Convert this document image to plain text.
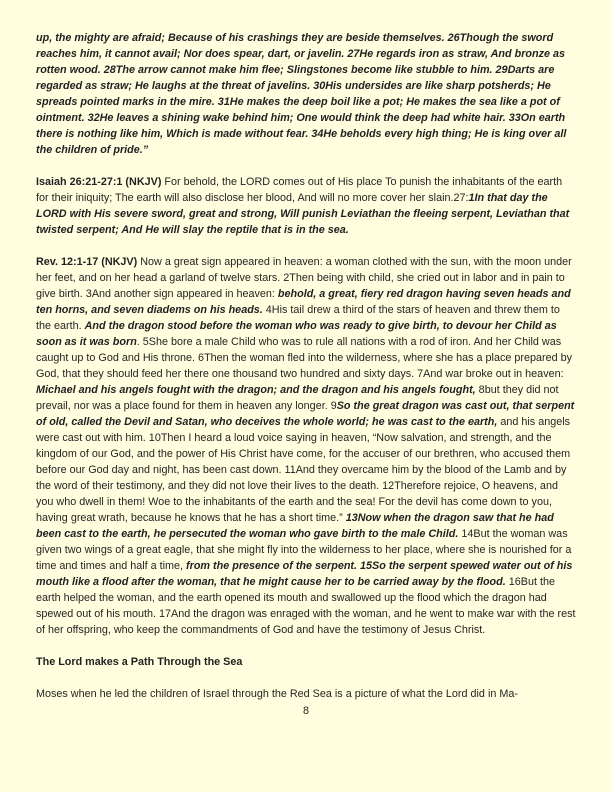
up, the mighty are afraid; Because of his crashings they are beside themselves. 26Though the sword reaches him, it cannot avail; Nor does spear, dart, or javelin. 27He regards iron as straw, And bronze as rotten wood. 28The arrow cannot make him flee; Slingstones become like stubble to him. 29Darts are regarded as straw; He laughs at the threat of javelins. 30His undersides are like sharp potsherds; He spreads pointed marks in the mire. 31He makes the deep boil like a pot; He makes the sea like a pot of ointment. 32He leaves a shining wake behind him; One would think the deep had white hair. 33On earth there is nothing like him, Which is made without fear. 34He beholds every high thing; He is king over all the children of pride.”

Isaiah 26:21-27:1 (NKJV) For behold, the LORD comes out of His place To punish the inhabitants of the earth for their iniquity; The earth will also disclose her blood, And will no more cover her slain.27:1In that day the LORD with His severe sword, great and strong, Will punish Leviathan the fleeing serpent, Leviathan that twisted serpent; And He will slay the reptile that is in the sea.

Rev. 12:1-17 (NKJV) Now a great sign appeared in heaven: a woman clothed with the sun, with the moon under her feet, and on her head a garland of twelve stars. 2Then being with child, she cried out in labor and in pain to give birth. 3And another sign appeared in heaven: behold, a great, fiery red dragon having seven heads and ten horns, and seven diadems on his heads. 4His tail drew a third of the stars of heaven and threw them to the earth. And the dragon stood before the woman who was ready to give birth, to devour her Child as soon as it was born. 5She bore a male Child who was to rule all nations with a rod of iron. And her Child was caught up to God and His throne. 6Then the woman fled into the wilderness, where she has a place prepared by God, that they should feed her there one thousand two hundred and sixty days. 7And war broke out in heaven: Michael and his angels fought with the dragon; and the dragon and his angels fought, 8but they did not prevail, nor was a place found for them in heaven any longer. 9So the great dragon was cast out, that serpent of old, called the Devil and Satan, who deceives the whole world; he was cast to the earth, and his angels were cast out with him. 10Then I heard a loud voice saying in heaven, “Now salvation, and strength, and the kingdom of our God, and the power of His Christ have come, for the accuser of our brethren, who accused them before our God day and night, has been cast down. 11And they overcame him by the blood of the Lamb and by the word of their testimony, and they did not love their lives to the death. 12Therefore rejoice, O heavens, and you who dwell in them! Woe to the inhabitants of the earth and the sea! For the devil has come down to you, having great wrath, because he knows that he has a short time.” 13Now when the dragon saw that he had been cast to the earth, he persecuted the woman who gave birth to the male Child. 14But the woman was given two wings of a great eagle, that she might fly into the wilderness to her place, where she is nourished for a time and times and half a time, from the presence of the serpent. 15So the serpent spewed water out of his mouth like a flood after the woman, that he might cause her to be carried away by the flood. 16But the earth helped the woman, and the earth opened its mouth and swallowed up the flood which the dragon had spewed out of his mouth. 17And the dragon was enraged with the woman, and he went to make war with the rest of her offspring, who keep the commandments of God and have the testimony of Jesus Christ.

The Lord makes a Path Through the Sea

Moses when he led the children of Israel through the Red Sea is a picture of what the Lord did in Ma-

8
